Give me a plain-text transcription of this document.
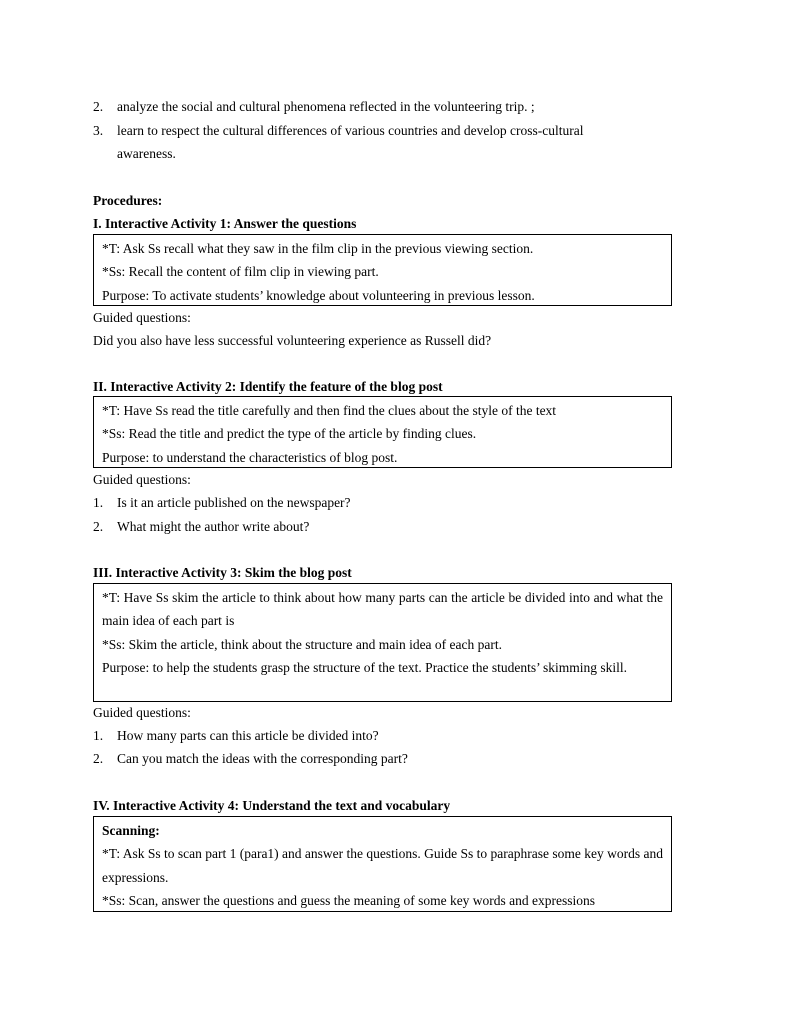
2. analyze the social and cultural phenomena reflected in the volunteering trip. ;
3. learn to respect the cultural differences of various countries and develop cross-cultural
awareness.
Procedures:
I. Interactive Activity 1: Answer the questions
*T: Ask Ss recall what they saw in the film clip in the previous viewing section.
*Ss: Recall the content of film clip in viewing part.
Purpose: To activate students’ knowledge about volunteering in previous lesson.
Guided questions:
Did you also have less successful volunteering experience as Russell did?
II. Interactive Activity 2: Identify the feature of the blog post
*T: Have Ss read the title carefully and then find the clues about the style of the text
*Ss: Read the title and predict the type of the article by finding clues.
Purpose: to understand the characteristics of blog post.
Guided questions:
1. Is it an article published on the newspaper?
2. What might the author write about?
III. Interactive Activity 3: Skim the blog post
*T: Have Ss skim the article to think about how many parts can the article be divided into and what the main idea of each part is
*Ss: Skim the article, think about the structure and main idea of each part.
Purpose: to help the students grasp the structure of the text. Practice the students’ skimming skill.
Guided questions:
1. How many parts can this article be divided into?
2. Can you match the ideas with the corresponding part?
IV. Interactive Activity 4: Understand the text and vocabulary
Scanning:
*T: Ask Ss to scan part 1 (para1) and answer the questions. Guide Ss to paraphrase some key words and expressions.
*Ss: Scan, answer the questions and guess the meaning of some key words and expressions
